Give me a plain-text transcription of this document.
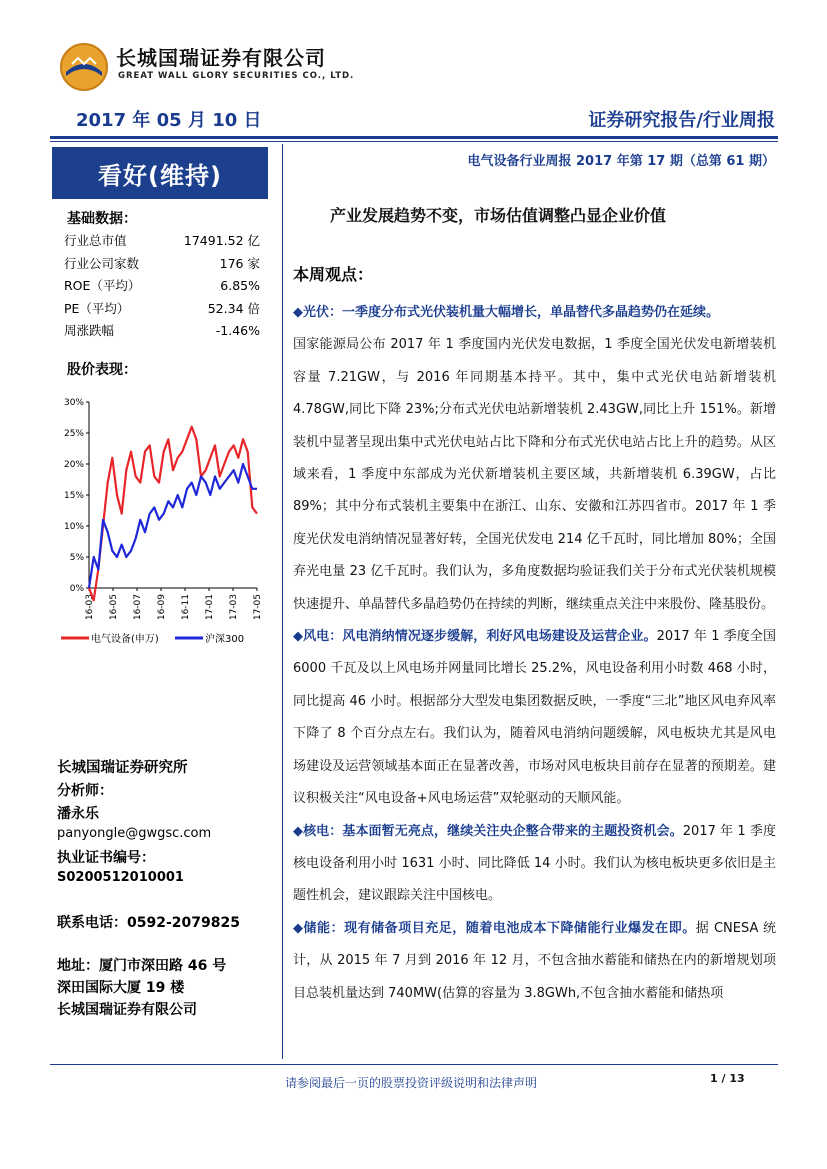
长城国瑞证券有限公司
GREAT WALL GLORY SECURITIES CO., LTD.
2017 年 05 月 10 日	证券研究报告/行业周报
看好(维持)	电气设备行业周报 2017 年第 17 期（总第 61 期）
基础数据：
行业总市值	17491.52 亿
行业公司家数	176 家
ROE（平均）	6.85%
PE（平均）	52.34 倍
周涨跌幅	-1.46%
股价表现：
0%
5%
10%
15%
20%
25%
30%
16-03 16-05 16-07 16-09 16-11 17-01 17-03 17-05
电气设备(申万)	沪深300
长城国瑞证券研究所
分析师：
潘永乐
panyongle@gwgsc.com
执业证书编号：
S0200512010001
联系电话：0592-2079825
地址：厦门市深田路 46 号
深田国际大厦 19 楼
长城国瑞证券有限公司
产业发展趋势不变，市场估值调整凸显企业价值
本周观点：

◆光伏：一季度分布式光伏装机量大幅增长，单晶替代多晶趋势仍在延续。
国家能源局公布 2017 年 1 季度国内光伏发电数据，1 季度全国光伏发电新增装机容量 7.21GW，与 2016 年同期基本持平。其中，集中式光伏电站新增装机 4.78GW,同比下降 23%;分布式光伏电站新增装机 2.43GW,同比上升 151%。新增装机中显著呈现出集中式光伏电站占比下降和分布式光伏电站占比上升的趋势。从区域来看，1 季度中东部成为光伏新增装机主要区域，共新增装机 6.39GW，占比 89%；其中分布式装机主要集中在浙江、山东、安徽和江苏四省市。2017 年 1 季度光伏发电消纳情况显著好转，全国光伏发电 214 亿千瓦时，同比增加 80%；全国弃光电量 23 亿千瓦时。我们认为，多角度数据均验证我们关于分布式光伏装机规模快速提升、单晶替代多晶趋势仍在持续的判断，继续重点关注中来股份、隆基股份。

◆风电：风电消纳情况逐步缓解，利好风电场建设及运营企业。2017 年 1 季度全国6000 千瓦及以上风电场并网量同比增长 25.2%，风电设备利用小时数 468 小时，同比提高 46 小时。根据部分大型发电集团数据反映，一季度“三北”地区风电弃风率下降了 8 个百分点左右。我们认为，随着风电消纳问题缓解，风电板块尤其是风电场建设及运营领域基本面正在显著改善，市场对风电板块目前存在显著的预期差。建议积极关注“风电设备+风电场运营”双轮驱动的天顺风能。

◆核电：基本面暂无亮点，继续关注央企整合带来的主题投资机会。2017 年 1 季度核电设备利用小时 1631 小时、同比降低 14 小时。我们认为核电板块更多依旧是主题性机会，建议跟踪关注中国核电。

◆储能：现有储备项目充足，随着电池成本下降储能行业爆发在即。据 CNESA 统计，从 2015 年 7 月到 2016 年 12 月，不包含抽水蓄能和储热在内的新增规划项目总装机量达到 740MW(估算的容量为 3.8GWh,不包含抽水蓄能和储热项

请参阅最后一页的股票投资评级说明和法律声明	1 / 13
